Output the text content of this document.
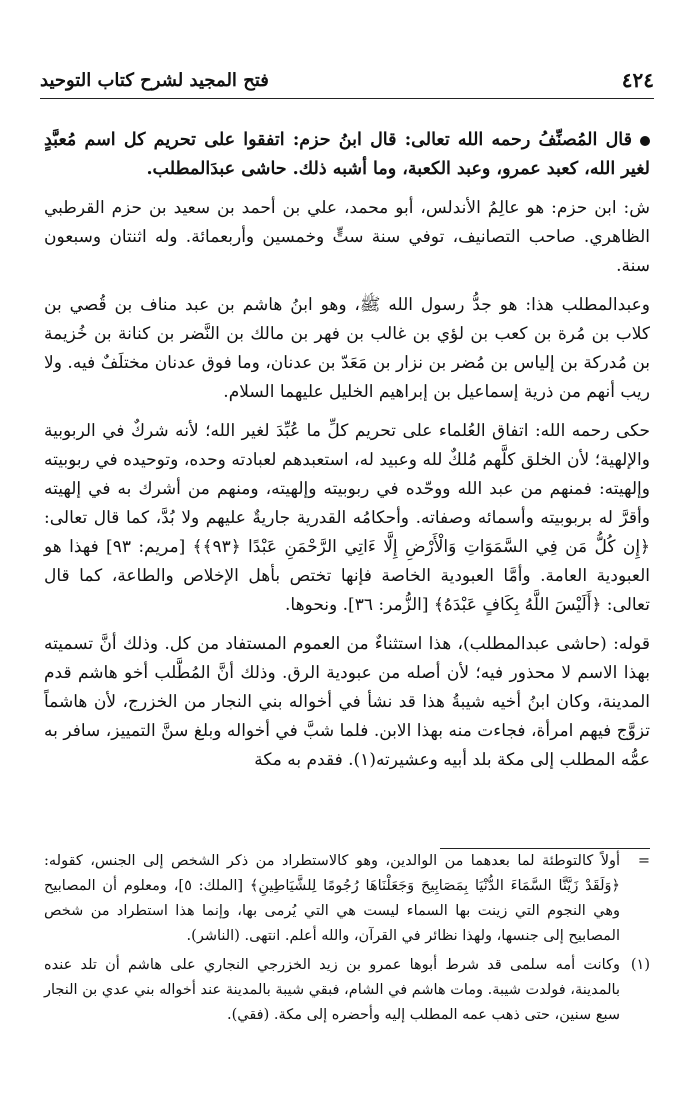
٤٢٤
فتح المجيد لشرح كتاب التوحيد

قال المُصنِّفُ رحمه الله تعالى: قال ابنُ حزم: اتفقوا على تحريم كل اسم مُعبَّدٍ لغير الله، كعبد عمرو، وعبد الكعبة، وما أشبه ذلك. حاشى عبدَالمطلب.

ش: ابن حزم: هو عالِمُ الأندلس، أبو محمد، علي بن أحمد بن سعيد بن حزم القرطبي الظاهري. صاحب التصانيف، توفي سنة ستٍّ وخمسين وأربعمائة. وله اثنتان وسبعون سنة.

وعبدالمطلب هذا: هو جدُّ رسول الله ﷺ، وهو ابنُ هاشم بن عبد مناف بن قُصي بن كلاب بن مُرة بن كعب بن لؤي بن غالب بن فهر بن مالك بن النَّضر بن كنانة بن خُزيمة بن مُدركة بن إلياس بن مُضر بن نزار بن مَعَدّ بن عدنان، وما فوق عدنان مختلَفٌ فيه. ولا ريب أنهم من ذرية إسماعيل بن إبراهيم الخليل عليهما السلام.

حكى رحمه الله: اتفاق العُلماء على تحريم كلِّ ما عُبِّدَ لغير الله؛ لأنه شركٌ في الربوبية والإلهية؛ لأن الخلق كلَّهم مُلكٌ لله وعبيد له، استعبدهم لعبادته وحده، وتوحيده في ربوبيته وإلهيته: فمنهم من عبد الله ووحّده في ربوبيته وإلهيته، ومنهم من أشرك به في إلهيته وأقرَّ له بربوبيته وأسمائه وصفاته. وأحكامُه القدرية جاريةٌ عليهم ولا بُدَّ، كما قال تعالى: ﴿إِن كُلُّ مَن فِي السَّمَوَاتِ وَالْأَرْضِ إِلَّا ءَاتِي الرَّحْمَنِ عَبْدًا ﴿٩٣﴾﴾ [مريم: ٩٣] فهذا هو العبودية العامة. وأمَّا العبودية الخاصة فإنها تختص بأهل الإخلاص والطاعة، كما قال تعالى: ﴿أَلَيْسَ اللَّهُ بِكَافٍ عَبْدَهُ﴾ [الزُّمر: ٣٦]. ونحوها.

قوله: (حاشى عبدالمطلب)، هذا استثناءٌ من العموم المستفاد من كل. وذلك أنَّ تسميته بهذا الاسم لا محذور فيه؛ لأن أصله من عبودية الرق. وذلك أنَّ المُطَّلب أخو هاشم قدم المدينة، وكان ابنُ أخيه شيبةُ هذا قد نشأ في أخواله بني النجار من الخزرج، لأن هاشماً تزوَّج فيهم امرأة، فجاءت منه بهذا الابن. فلما شبَّ في أخواله وبلغ سنَّ التمييز، سافر به عمُّه المطلب إلى مكة بلد أبيه وعشيرته(١). فقدم به مكة

=
أولاً كالتوطئة لما بعدهما من الوالدين، وهو كالاستطراد من ذكر الشخص إلى الجنس، كقوله: ﴿وَلَقَدْ زَيَّنَّا السَّمَاءَ الدُّنْيَا بِمَصَابِيحَ وَجَعَلْنَاهَا رُجُومًا لِلشَّيَاطِينِ﴾ [الملك: ٥]، ومعلوم أن المصابيح وهي النجوم التي زينت بها السماء ليست هي التي يُرمى بها، وإنما هذا استطراد من شخص المصابيح إلى جنسها، ولهذا نظائر في القرآن، والله أعلم. انتهى. (الناشر).

(١)
وكانت أمه سلمى قد شرط أبوها عمرو بن زيد الخزرجي النجاري على هاشم أن تلد عنده بالمدينة، فولدت شيبة. ومات هاشم في الشام، فبقي شيبة بالمدينة عند أخواله بني عدي بن النجار سبع سنين، حتى ذهب عمه المطلب إليه وأحضره إلى مكة. (فقي).
